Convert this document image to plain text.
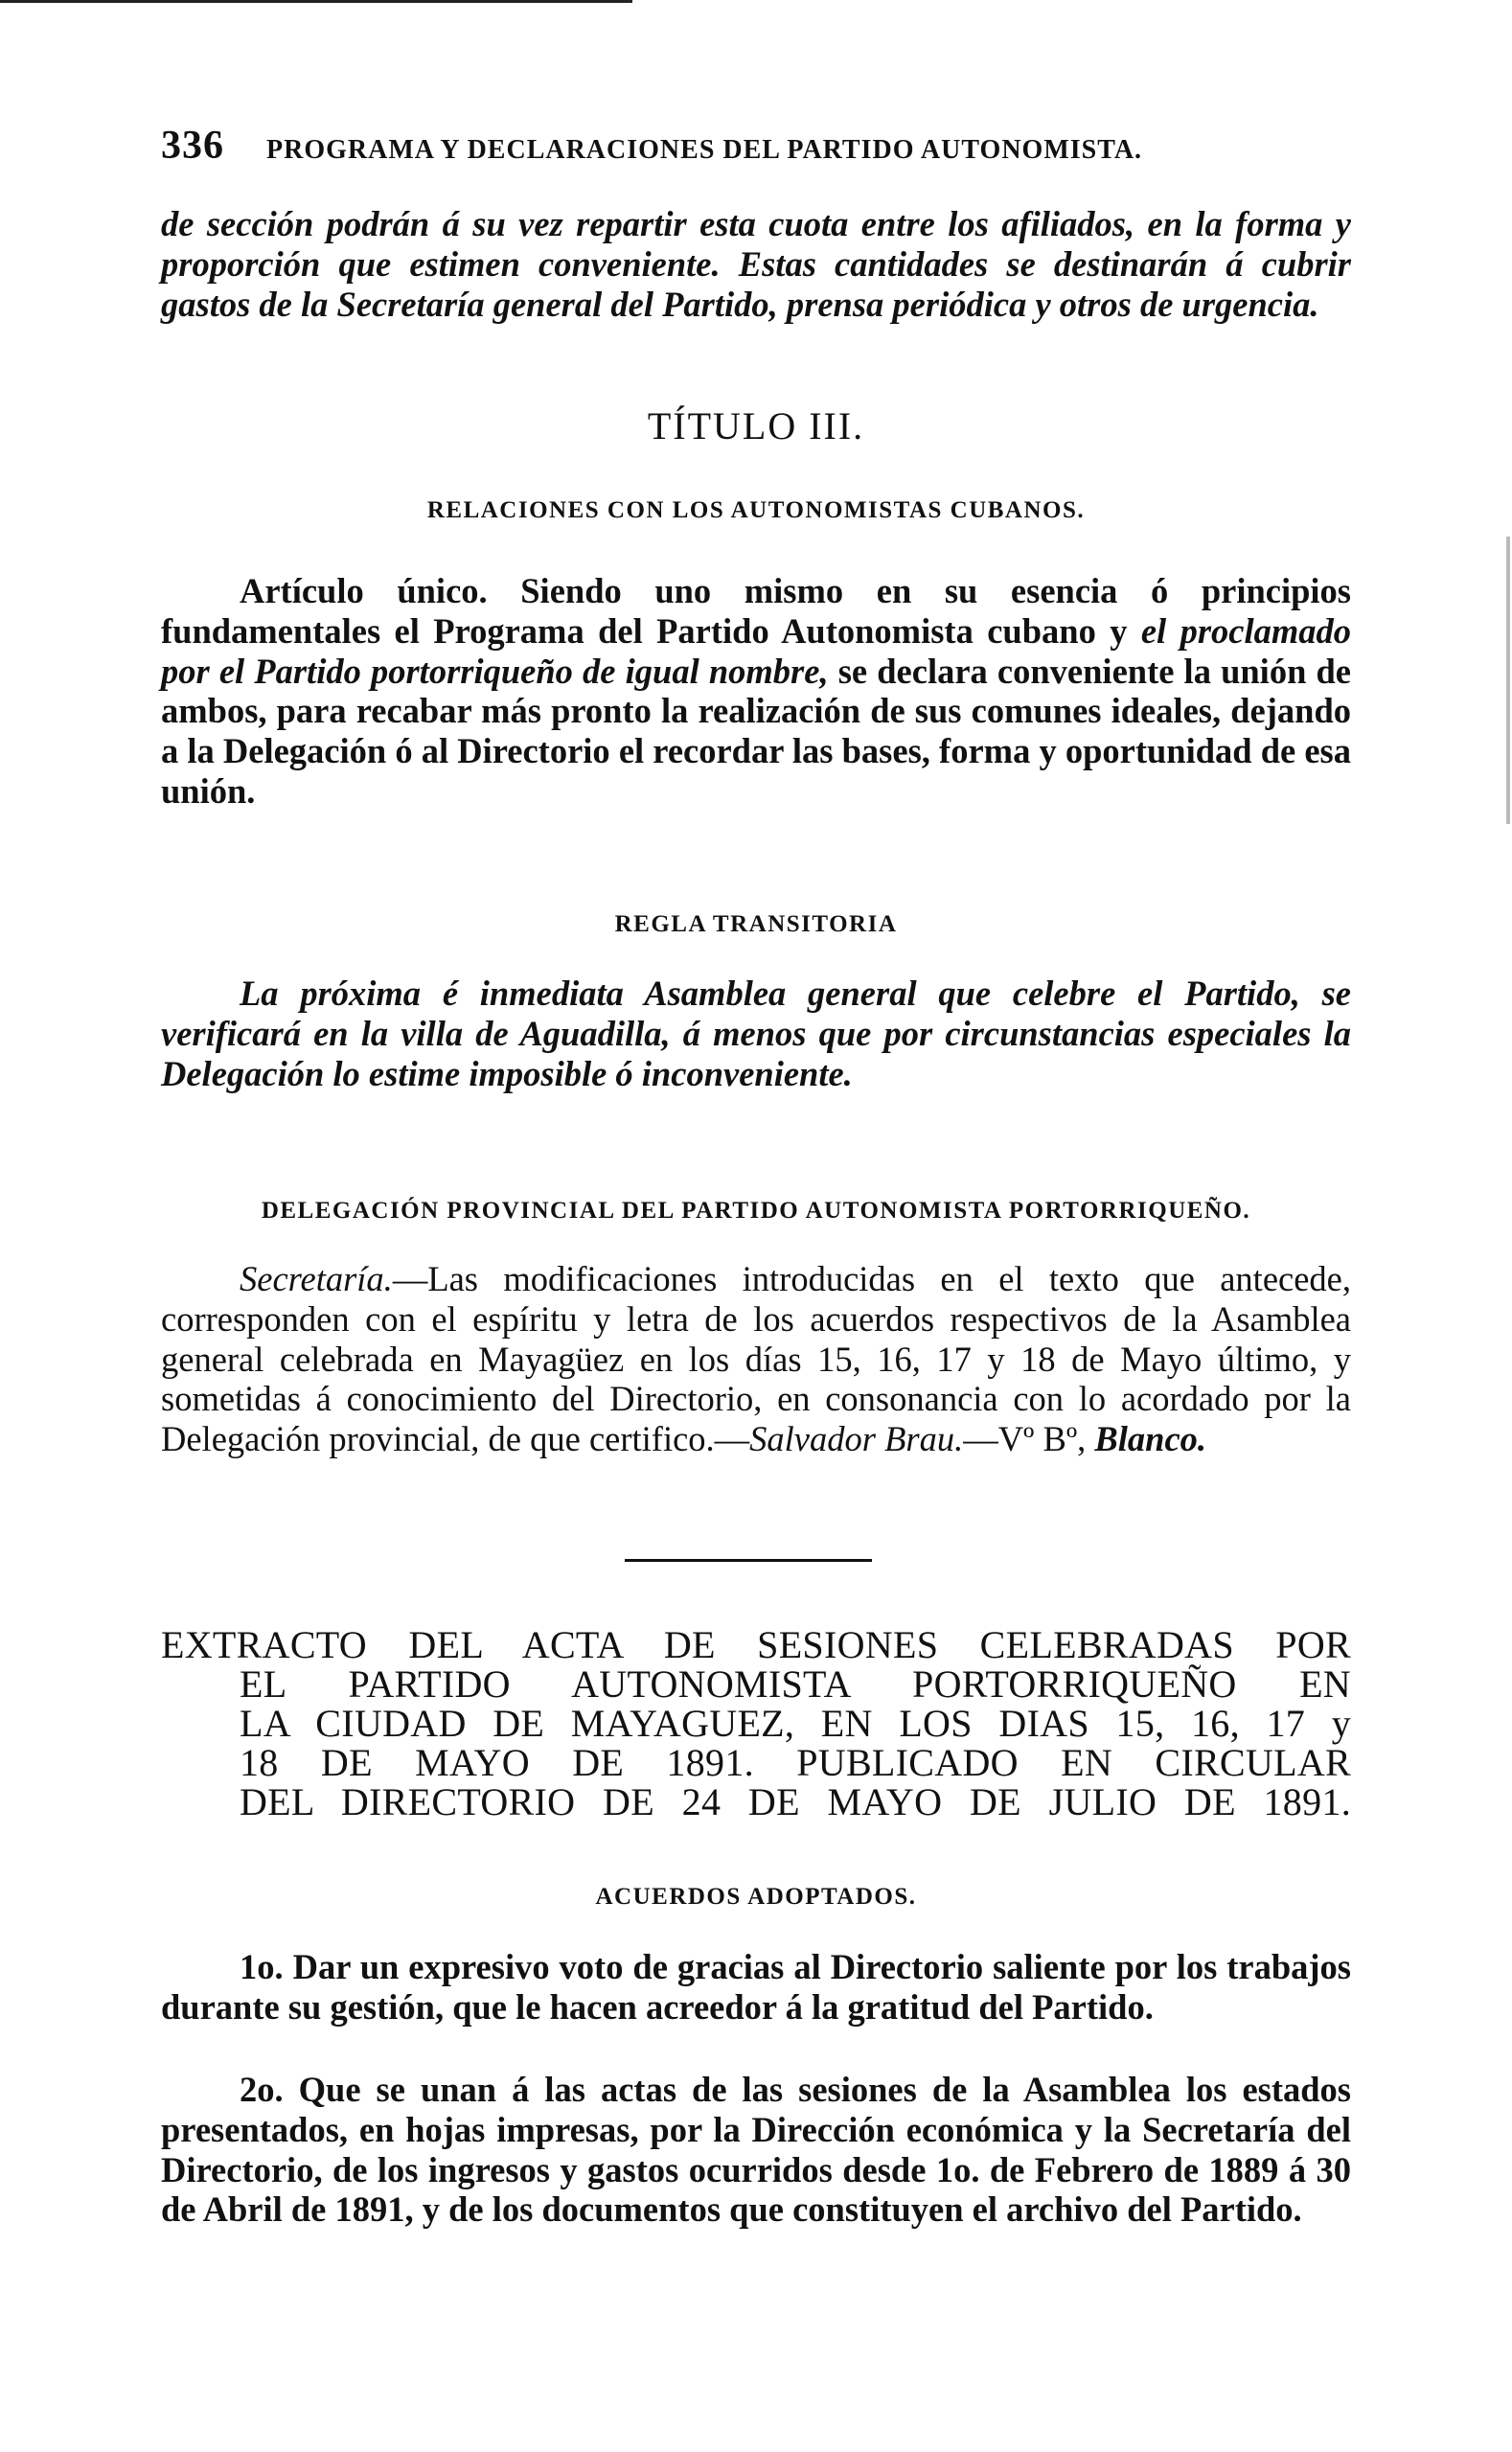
336 PROGRAMA Y DECLARACIONES DEL PARTIDO AUTONOMISTA.

de sección podrán á su vez repartir esta cuota entre los afiliados, en la forma y proporción que estimen conveniente. Estas cantidades se destinarán á cubrir gastos de la Secretaría general del Partido, prensa periódica y otros de urgencia.

TÍTULO III.

RELACIONES CON LOS AUTONOMISTAS CUBANOS.

Artículo único. Siendo uno mismo en su esencia ó principios fundamentales el Programa del Partido Autonomista cubano y el proclamado por el Partido portorriqueño de igual nombre, se declara conveniente la unión de ambos, para recabar más pronto la realización de sus comunes ideales, dejando a la Delegación ó al Directorio el recordar las bases, forma y oportunidad de esa unión.

REGLA TRANSITORIA

La próxima é inmediata Asamblea general que celebre el Partido, se verificará en la villa de Aguadilla, á menos que por circunstancias especiales la Delegación lo estime imposible ó inconveniente.

DELEGACIÓN PROVINCIAL DEL PARTIDO AUTONOMISTA PORTORRIQUEÑO.

Secretaría.—Las modificaciones introducidas en el texto que antecede, corresponden con el espíritu y letra de los acuerdos respectivos de la Asamblea general celebrada en Mayagüez en los días 15, 16, 17 y 18 de Mayo último, y sometidas á conocimiento del Directorio, en consonancia con lo acordado por la Delegación provincial, de que certifico.—Salvador Brau.—Vº Bº, Blanco.

EXTRACTO DEL ACTA DE SESIONES CELEBRADAS POR
EL PARTIDO AUTONOMISTA PORTORRIQUEÑO EN
LA CIUDAD DE MAYAGUEZ, EN LOS DIAS 15, 16, 17 y
18 DE MAYO DE 1891. PUBLICADO EN CIRCULAR
DEL DIRECTORIO DE 24 DE MAYO DE JULIO DE 1891.

ACUERDOS ADOPTADOS.

1o. Dar un expresivo voto de gracias al Directorio saliente por los trabajos durante su gestión, que le hacen acreedor á la gratitud del Partido.

2o. Que se unan á las actas de las sesiones de la Asamblea los estados presentados, en hojas impresas, por la Dirección económica y la Secretaría del Directorio, de los ingresos y gastos ocurridos desde 1o. de Febrero de 1889 á 30 de Abril de 1891, y de los documentos que constituyen el archivo del Partido.
